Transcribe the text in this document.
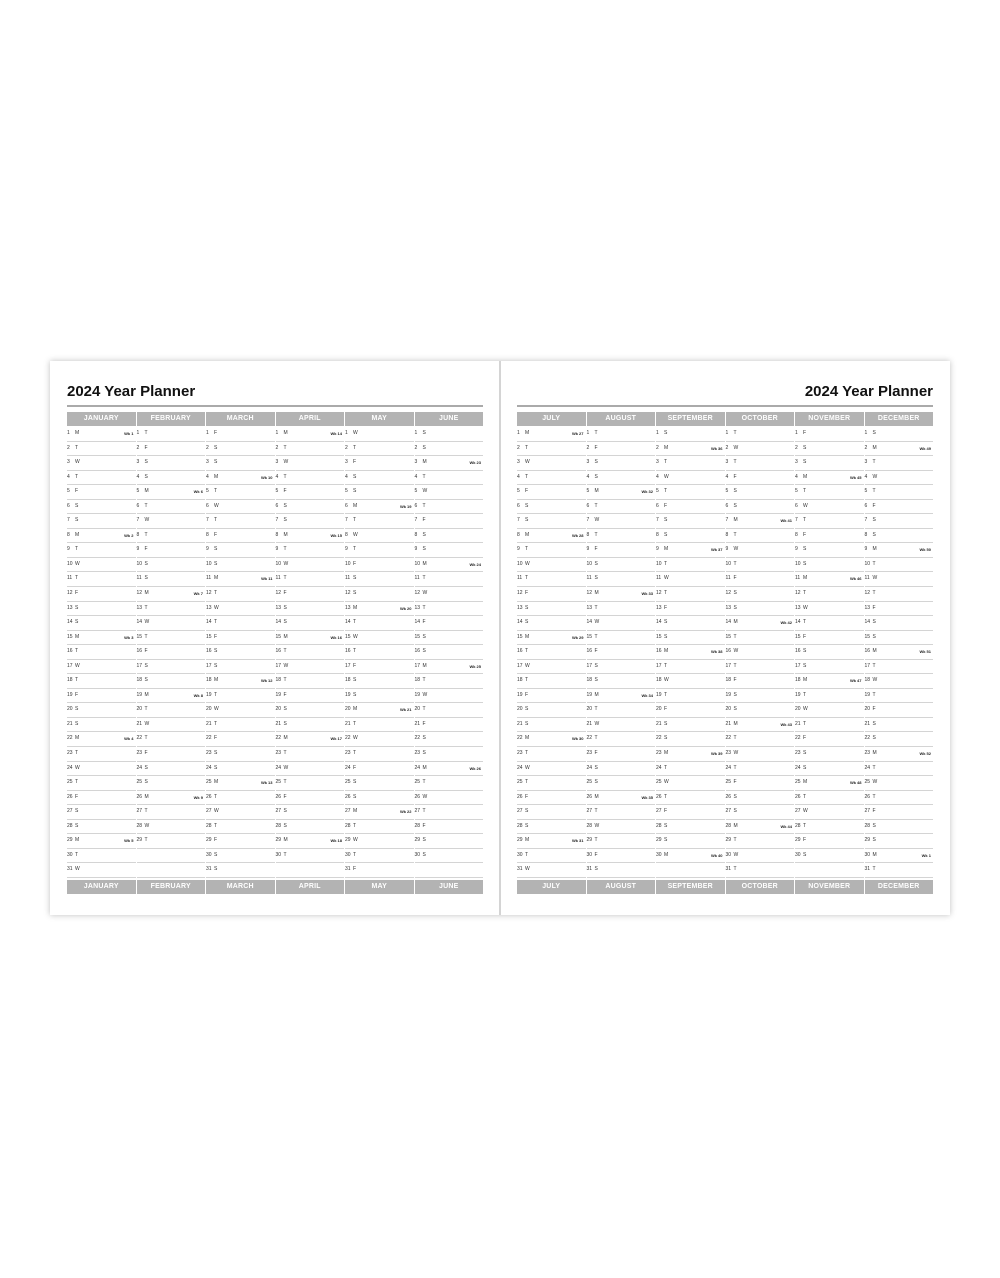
2024 Year Planner
JANUARY
1 M	Wk 1
2 T
3 W
4 T
5 F
6 S
7 S
8 M	Wk 2
9 T
10 W
11 T
12 F
13 S
14 S
15 M	Wk 3
16 T
17 W
18 T
19 F
20 S
21 S
22 M	Wk 4
23 T
24 W
25 T
26 F
27 S
28 S
29 M	Wk 5
30 T
31 W
JANUARY
FEBRUARY
1 T
2 F
3 S
4 S
5 M	Wk 6
6 T
7 W
8 T
9 F
10 S
11 S
12 M	Wk 7
13 T
14 W
15 T
16 F
17 S
18 S
19 M	Wk 8
20 T
21 W
22 T
23 F
24 S
25 S
26 M	Wk 9
27 T
28 W
29 T
FEBRUARY
MARCH
1 F
2 S
3 S
4 M	Wk 10
5 T
6 W
7 T
8 F
9 S
10 S
11 M	Wk 11
12 T
13 W
14 T
15 F
16 S
17 S
18 M	Wk 12
19 T
20 W
21 T
22 F
23 S
24 S
25 M	Wk 13
26 T
27 W
28 T
29 F
30 S
31 S
MARCH
APRIL
1 M	Wk 14
2 T
3 W
4 T
5 F
6 S
7 S
8 M	Wk 15
9 T
10 W
11 T
12 F
13 S
14 S
15 M	Wk 16
16 T
17 W
18 T
19 F
20 S
21 S
22 M	Wk 17
23 T
24 W
25 T
26 F
27 S
28 S
29 M	Wk 18
30 T
APRIL
MAY
1 W
2 T
3 F
4 S
5 S
6 M	Wk 19
7 T
8 W
9 T
10 F
11 S
12 S
13 M	Wk 20
14 T
15 W
16 T
17 F
18 S
19 S
20 M	Wk 21
21 T
22 W
23 T
24 F
25 S
26 S
27 M	Wk 22
28 T
29 W
30 T
31 F
MAY
JUNE
1 S
2 S
3 M	Wk 23
4 T
5 W
6 T
7 F
8 S
9 S
10 M	Wk 24
11 T
12 W
13 T
14 F
15 S
16 S
17 M	Wk 25
18 T
19 W
20 T
21 F
22 S
23 S
24 M	Wk 26
25 T
26 W
27 T
28 F
29 S
30 S
JUNE
2024 Year Planner
JULY
1 M	Wk 27
2 T
3 W
4 T
5 F
6 S
7 S
8 M	Wk 28
9 T
10 W
11 T
12 F
13 S
14 S
15 M	Wk 29
16 T
17 W
18 T
19 F
20 S
21 S
22 M	Wk 30
23 T
24 W
25 T
26 F
27 S
28 S
29 M	Wk 31
30 T
31 W
JULY
AUGUST
1 T
2 F
3 S
4 S
5 M	Wk 32
6 T
7 W
8 T
9 F
10 S
11 S
12 M	Wk 33
13 T
14 W
15 T
16 F
17 S
18 S
19 M	Wk 34
20 T
21 W
22 T
23 F
24 S
25 S
26 M	Wk 35
27 T
28 W
29 T
30 F
31 S
AUGUST
SEPTEMBER
1 S
2 M	Wk 36
3 T
4 W
5 T
6 F
7 S
8 S
9 M	Wk 37
10 T
11 W
12 T
13 F
14 S
15 S
16 M	Wk 38
17 T
18 W
19 T
20 F
21 S
22 S
23 M	Wk 39
24 T
25 W
26 T
27 F
28 S
29 S
30 M	Wk 40
SEPTEMBER
OCTOBER
1 T
2 W
3 T
4 F
5 S
6 S
7 M	Wk 41
8 T
9 W
10 T
11 F
12 S
13 S
14 M	Wk 42
15 T
16 W
17 T
18 F
19 S
20 S
21 M	Wk 43
22 T
23 W
24 T
25 F
26 S
27 S
28 M	Wk 44
29 T
30 W
31 T
OCTOBER
NOVEMBER
1 F
2 S
3 S
4 M	Wk 45
5 T
6 W
7 T
8 F
9 S
10 S
11 M	Wk 46
12 T
13 W
14 T
15 F
16 S
17 S
18 M	Wk 47
19 T
20 W
21 T
22 F
23 S
24 S
25 M	Wk 48
26 T
27 W
28 T
29 F
30 S
NOVEMBER
DECEMBER
1 S
2 M	Wk 49
3 T
4 W
5 T
6 F
7 S
8 S
9 M	Wk 50
10 T
11 W
12 T
13 F
14 S
15 S
16 M	Wk 51
17 T
18 W
19 T
20 F
21 S
22 S
23 M	Wk 52
24 T
25 W
26 T
27 F
28 S
29 S
30 M	Wk 1
31 T
DECEMBER
